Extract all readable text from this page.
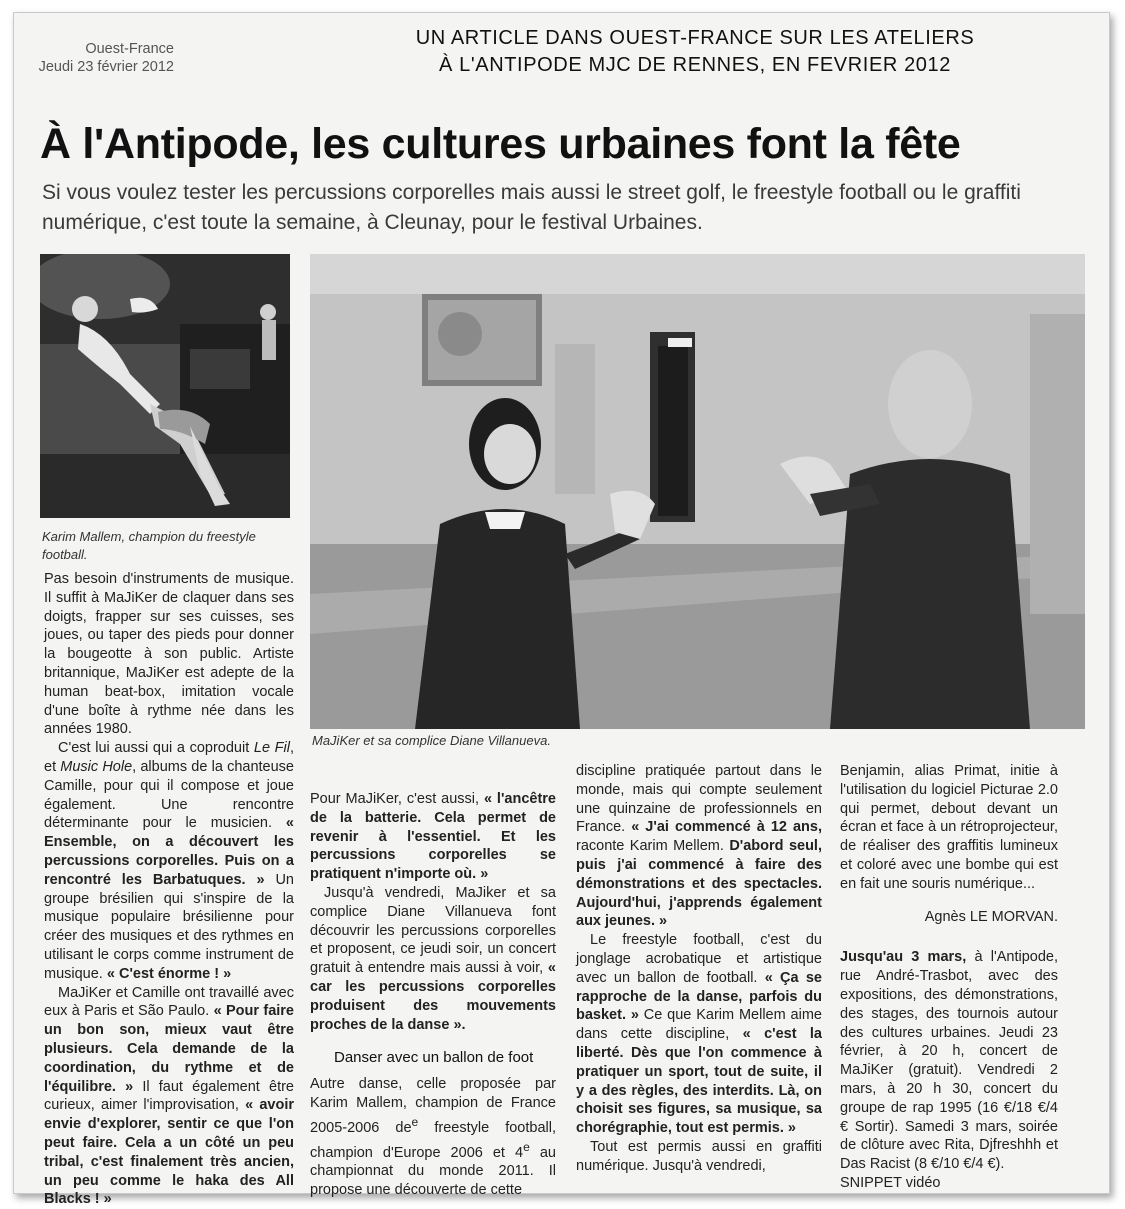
Ouest-France
Jeudi 23 février 2012
UN ARTICLE DANS OUEST-FRANCE SUR LES ATELIERS
À L'ANTIPODE MJC DE RENNES, EN FEVRIER 2012
À l'Antipode, les cultures urbaines font la fête
Si vous voulez tester les percussions corporelles mais aussi le street golf, le freestyle football ou le graffiti numérique, c'est toute la semaine, à Cleunay, pour le festival Urbaines.
Karim Mallem, champion du freestyle football.
MaJiKer et sa complice Diane Villanueva.

Pas besoin d'instruments de musique. Il suffit à MaJiKer de claquer dans ses doigts, frapper sur ses cuisses, ses joues, ou taper des pieds pour donner la bougeotte à son public. Artiste britannique, MaJiKer est adepte de la human beat-box, imitation vocale d'une boîte à rythme née dans les années 1980.

C'est lui aussi qui a coproduit Le Fil, et Music Hole, albums de la chanteuse Camille, pour qui il compose et joue également. Une rencontre déterminante pour le musicien. « Ensemble, on a découvert les percussions corporelles. Puis on a rencontré les Barbatuques. » Un groupe brésilien qui s'inspire de la musique populaire brésilienne pour créer des musiques et des rythmes en utilisant le corps comme instrument de musique. « C'est énorme ! »

MaJiKer et Camille ont travaillé avec eux à Paris et São Paulo. « Pour faire un bon son, mieux vaut être plusieurs. Cela demande de la coordination, du rythme et de l'équilibre. » Il faut également être curieux, aimer l'improvisation, « avoir envie d'explorer, sentir ce que l'on peut faire. Cela a un côté un peu tribal, c'est finalement très ancien, un peu comme le haka des All Blacks ! »

Pour MaJiKer, c'est aussi, « l'ancêtre de la batterie. Cela permet de revenir à l'essentiel. Et les percussions corporelles se pratiquent n'importe où. »

Jusqu'à vendredi, MaJiker et sa complice Diane Villanueva font découvrir les percussions corporelles et proposent, ce jeudi soir, un concert gratuit à entendre mais aussi à voir, « car les percussions corporelles produisent des mouvements proches de la danse ».

Danser avec un ballon de foot

Autre danse, celle proposée par Karim Mallem, champion de France 2005-2006 $de^e$ freestyle football, champion d'Europe 2006 et 4e au championnat du monde 2011. Il propose une découverte de cette

discipline pratiquée partout dans le monde, mais qui compte seulement une quinzaine de professionnels en France. « J'ai commencé à 12 ans, raconte Karim Mellem. D'abord seul, puis j'ai commencé à faire des démonstrations et des spectacles. Aujourd'hui, j'apprends également aux jeunes. »

Le freestyle football, c'est du jonglage acrobatique et artistique avec un ballon de football. « Ça se rapproche de la danse, parfois du basket. » Ce que Karim Mellem aime dans cette discipline, « c'est la liberté. Dès que l'on commence à pratiquer un sport, tout de suite, il y a des règles, des interdits. Là, on choisit ses figures, sa musique, sa chorégraphie, tout est permis. »

Tout est permis aussi en graffiti numérique. Jusqu'à vendredi,

Benjamin, alias Primat, initie à l'utilisation du logiciel Picturae 2.0 qui permet, debout devant un écran et face à un rétroprojecteur, de réaliser des graffitis lumineux et coloré avec une bombe qui est en fait une souris numérique...

Agnès LE MORVAN.

Jusqu'au 3 mars, à l'Antipode, rue André-Trasbot, avec des expositions, des démonstrations, des stages, des tournois autour des cultures urbaines. Jeudi 23 février, à 20 h, concert de MaJiKer (gratuit). Vendredi 2 mars, à 20 h 30, concert du groupe de rap 1995 (16 €/18 €/4 € Sortir). Samedi 3 mars, soirée de clôture avec Rita, Djfreshhh et Das Racist (8 €/10 €/4 €).

SNIPPET vidéo
